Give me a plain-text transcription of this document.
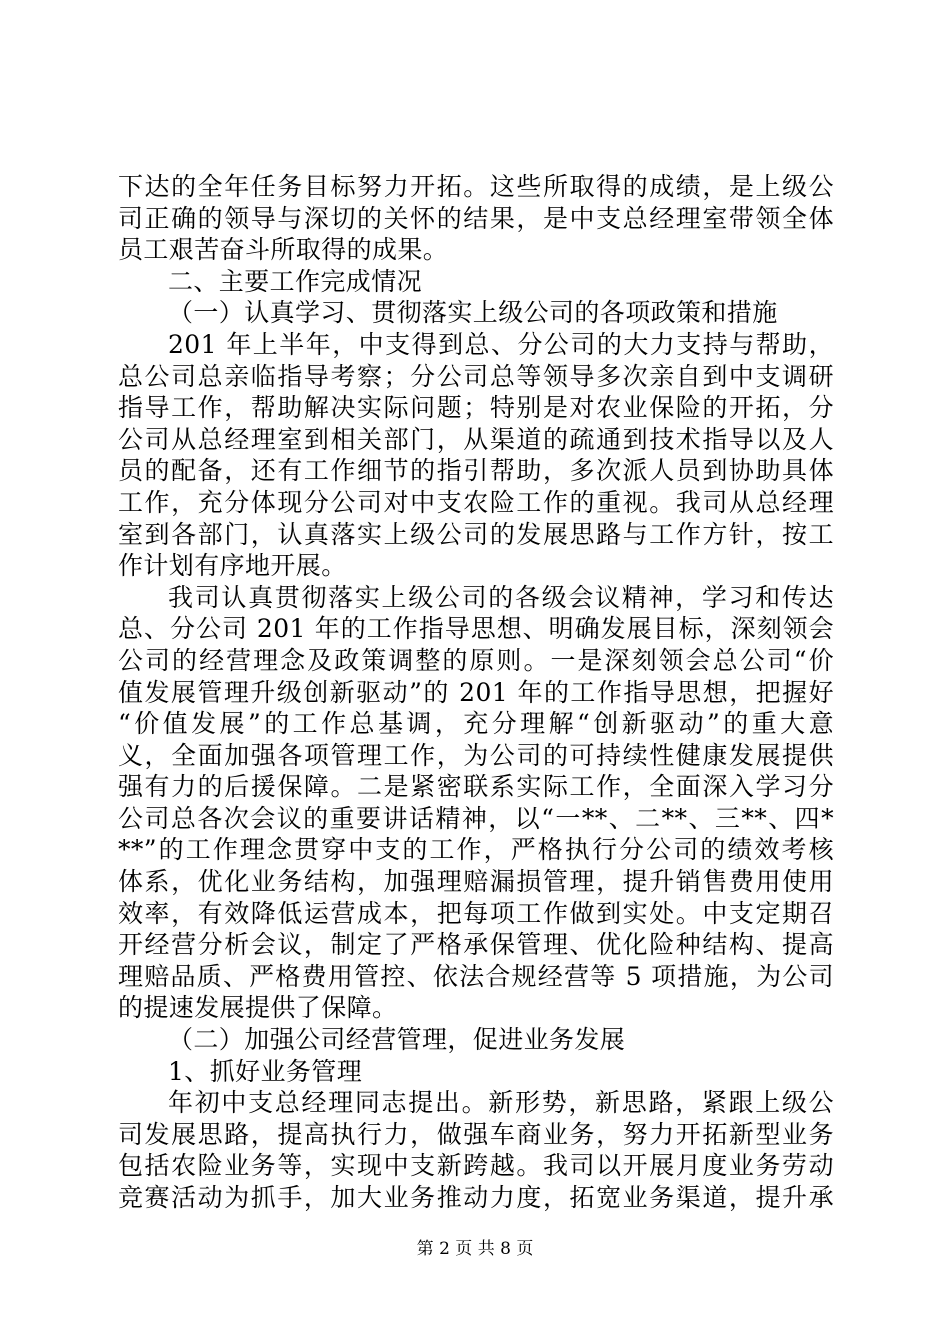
下达的全年任务目标努力开拓。这些所取得的成绩，是上级公
司正确的领导与深切的关怀的结果，是中支总经理室带领全体
员工艰苦奋斗所取得的成果。
二、主要工作完成情况
（一）认真学习、贯彻落实上级公司的各项政策和措施
201 年上半年，中支得到总、分公司的大力支持与帮助，
总公司总亲临指导考察；分公司总等领导多次亲自到中支调研
指导工作，帮助解决实际问题；特别是对农业保险的开拓，分
公司从总经理室到相关部门，从渠道的疏通到技术指导以及人
员的配备，还有工作细节的指引帮助，多次派人员到协助具体
工作，充分体现分公司对中支农险工作的重视。我司从总经理
室到各部门，认真落实上级公司的发展思路与工作方针，按工
作计划有序地开展。
我司认真贯彻落实上级公司的各级会议精神，学习和传达
总、分公司 201 年的工作指导思想、明确发展目标，深刻领会
公司的经营理念及政策调整的原则。一是深刻领会总公司“价
值发展管理升级创新驱动”的 201 年的工作指导思想，把握好
“价值发展”的工作总基调，充分理解“创新驱动”的重大意
义，全面加强各项管理工作，为公司的可持续性健康发展提供
强有力的后援保障。二是紧密联系实际工作，全面深入学习分
公司总各次会议的重要讲话精神，以“一**、二**、三**、四*
**”的工作理念贯穿中支的工作，严格执行分公司的绩效考核
体系，优化业务结构，加强理赔漏损管理，提升销售费用使用
效率，有效降低运营成本，把每项工作做到实处。中支定期召
开经营分析会议，制定了严格承保管理、优化险种结构、提高
理赔品质、严格费用管控、依法合规经营等 5 项措施，为公司
的提速发展提供了保障。
（二）加强公司经营管理，促进业务发展
1、抓好业务管理
年初中支总经理同志提出。新形势，新思路，紧跟上级公
司发展思路，提高执行力，做强车商业务，努力开拓新型业务
包括农险业务等，实现中支新跨越。我司以开展月度业务劳动
竞赛活动为抓手，加大业务推动力度，拓宽业务渠道，提升承
第 2 页 共 8 页
